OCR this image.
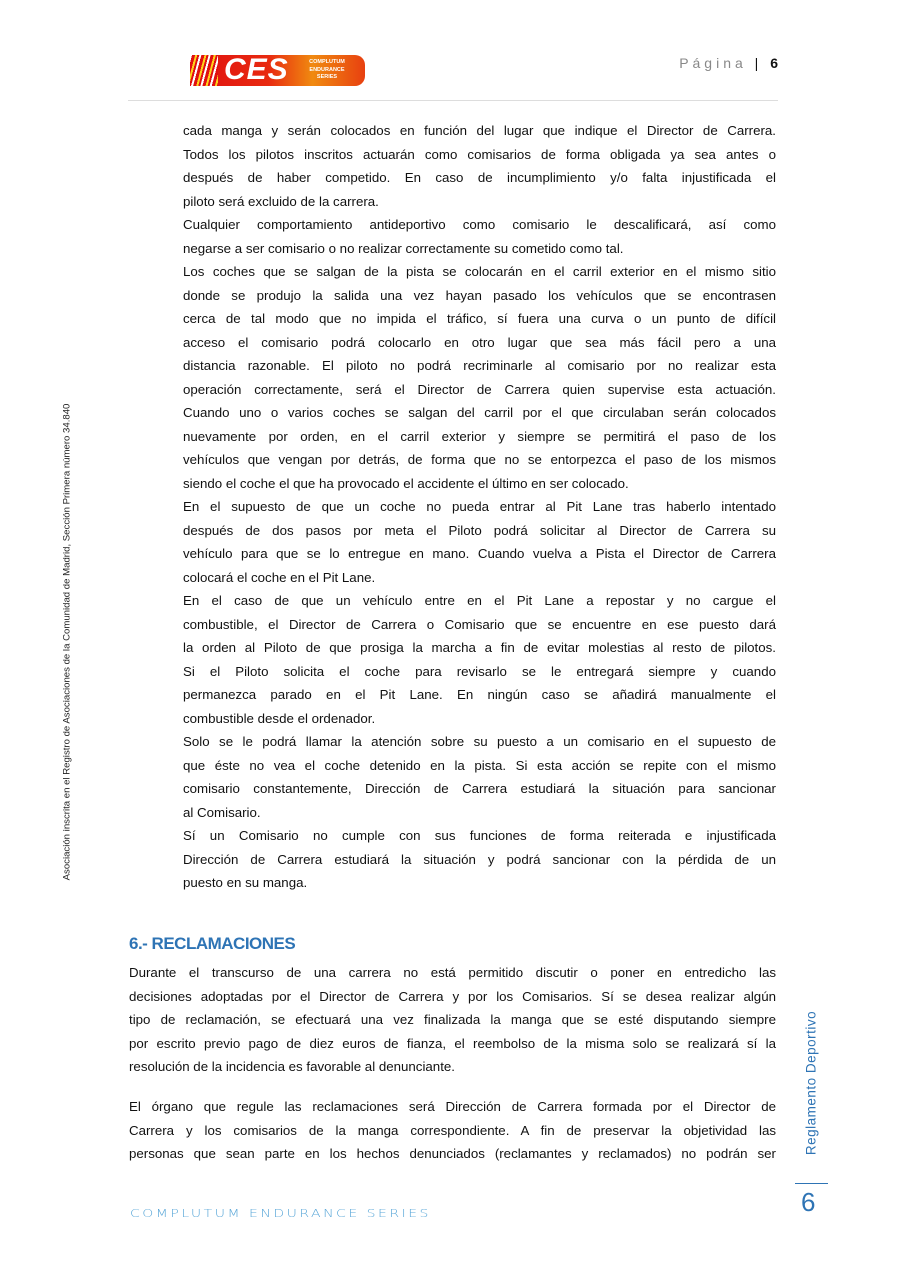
CES	COMPLUTUM ENDURANCE SERIES
Página | 6
Asociación inscrita en el Registro de Asociaciones de la Comunidad de Madrid, Sección Primera número 34.840
cada manga y serán colocados en función del lugar que indique el Director de Carrera.
Todos los pilotos inscritos actuarán como comisarios de forma obligada ya sea antes o
después de haber competido. En caso de incumplimiento y/o falta injustificada el
piloto será excluido de la carrera.
Cualquier comportamiento antideportivo como comisario le descalificará, así como
negarse a ser comisario o no realizar correctamente su cometido como tal.
Los coches que se salgan de la pista se colocarán en el carril exterior en el mismo sitio
donde se produjo la salida una vez hayan pasado los vehículos que se encontrasen
cerca de tal modo que no impida el tráfico, sí fuera una curva o un punto de difícil
acceso el comisario podrá colocarlo en otro lugar que sea más fácil pero a una
distancia razonable. El piloto no podrá recriminarle al comisario por no realizar esta
operación correctamente, será el Director de Carrera quien supervise esta actuación.
Cuando uno o varios coches se salgan del carril por el que circulaban serán colocados
nuevamente por orden, en el carril exterior y siempre se permitirá el paso de los
vehículos que vengan por detrás, de forma que no se entorpezca el paso de los mismos
siendo el coche el que ha provocado el accidente el último en ser colocado.
En el supuesto de que un coche no pueda entrar al Pit Lane tras haberlo intentado
después de dos pasos por meta el Piloto podrá solicitar al Director de Carrera su
vehículo para que se lo entregue en mano. Cuando vuelva a Pista el Director de Carrera
colocará el coche en el Pit Lane.
En el caso de que un vehículo entre en el Pit Lane a repostar y no cargue el
combustible, el Director de Carrera o Comisario que se encuentre en ese puesto dará
la orden al Piloto de que prosiga la marcha a fin de evitar molestias al resto de pilotos.
Si el Piloto solicita el coche para revisarlo se le entregará siempre y cuando
permanezca parado en el Pit Lane. En ningún caso se añadirá manualmente el
combustible desde el ordenador.
Solo se le podrá llamar la atención sobre su puesto a un comisario en el supuesto de
que éste no vea el coche detenido en la pista. Si esta acción se repite con el mismo
comisario constantemente, Dirección de Carrera estudiará la situación para sancionar
al Comisario.
Sí un Comisario no cumple con sus funciones de forma reiterada e injustificada
Dirección de Carrera estudiará la situación y podrá sancionar con la pérdida de un
puesto en su manga.
6.- RECLAMACIONES
Durante el transcurso de una carrera no está permitido discutir o poner en entredicho las
decisiones adoptadas por el Director de Carrera y por los Comisarios. Sí se desea realizar algún
tipo de reclamación, se efectuará una vez finalizada la manga que se esté disputando siempre
por escrito previo pago de diez euros de fianza, el reembolso de la misma solo se realizará sí la
resolución de la incidencia es favorable al denunciante.
El órgano que regule las reclamaciones será Dirección de Carrera formada por el Director de
Carrera y los comisarios de la manga correspondiente. A fin de preservar la objetividad las
personas que sean parte en los hechos denunciados (reclamantes y reclamados) no podrán ser Reglamento Deportivo
6
COMPLUTUM ENDURANCE SERIES
